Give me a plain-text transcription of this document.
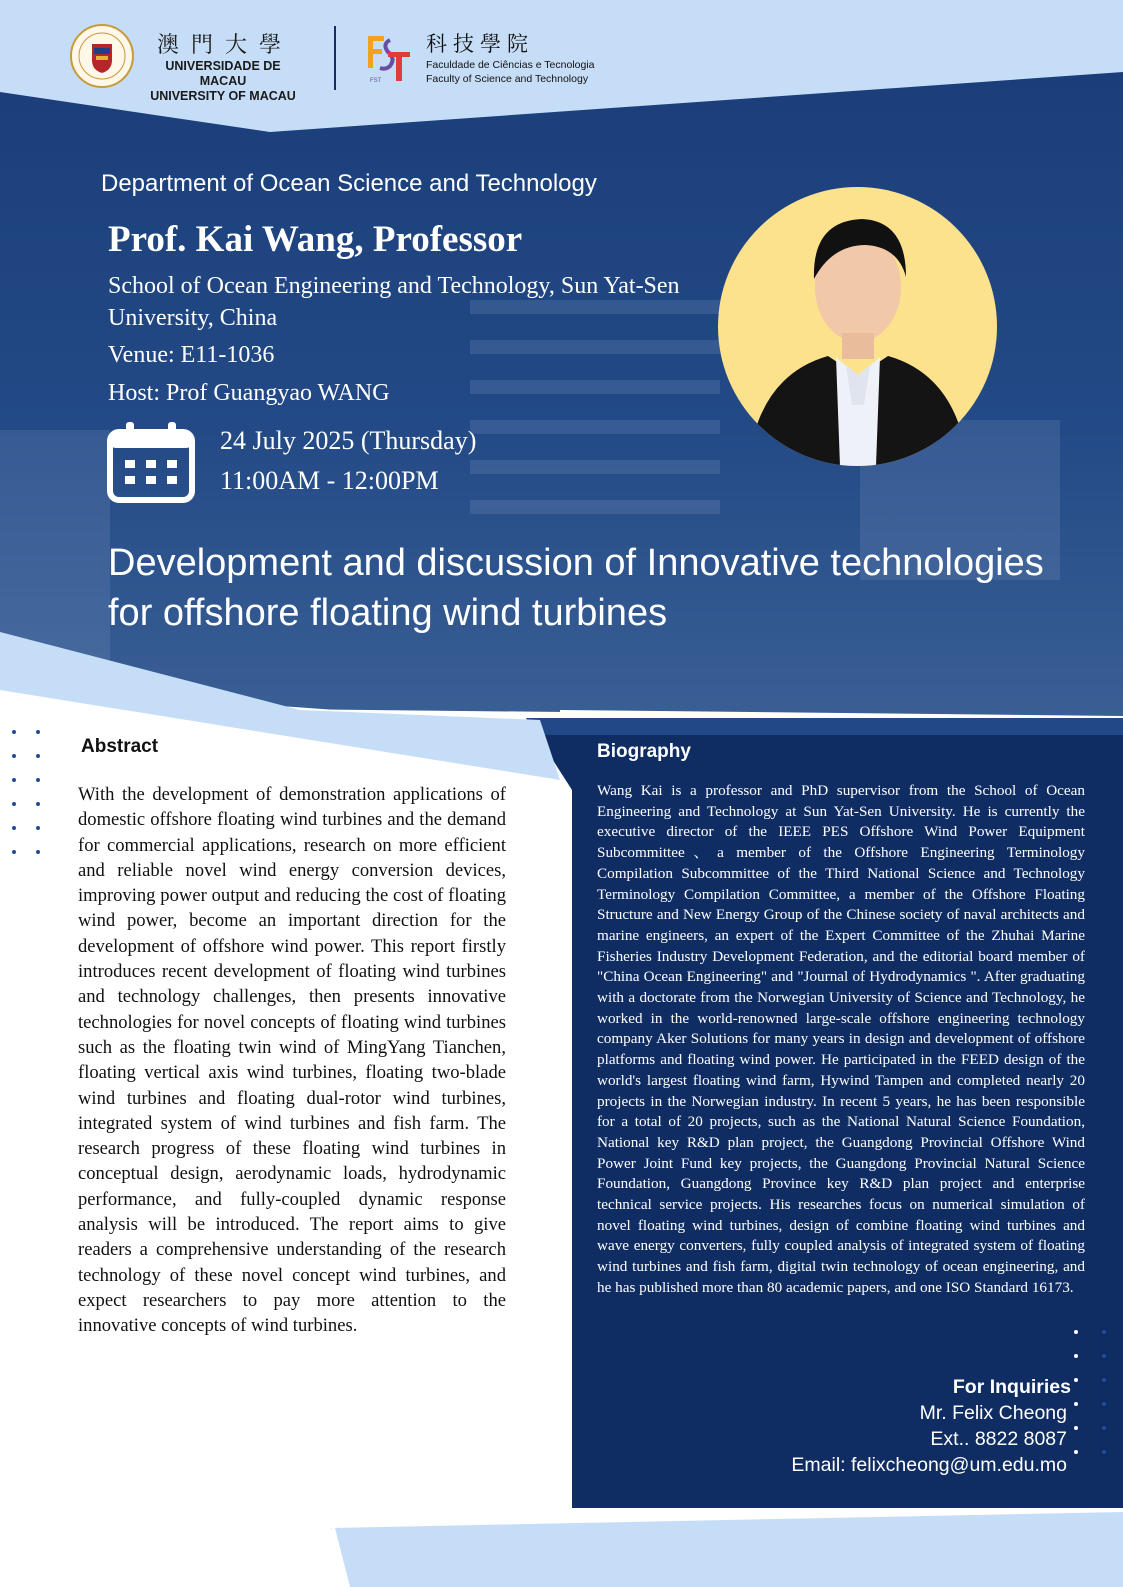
澳門大學
UNIVERSIDADE DE MACAU
UNIVERSITY OF MACAU
FST
科技學院
Faculdade de Ciências e Tecnologia
Faculty of Science and Technology
Department of Ocean Science and Technology
Prof. Kai Wang, Professor
School of Ocean Engineering and Technology, Sun Yat-Sen University, China
Venue: E11-1036
Host: Prof Guangyao WANG
24 July 2025 (Thursday)
11:00AM - 12:00PM
Development and discussion of Innovative technologies for offshore floating wind turbines
Abstract
With the development of demonstration applications of domestic offshore floating wind turbines and the demand for commercial applications, research on more efficient and reliable novel wind energy conversion devices, improving power output and reducing the cost of floating wind power, become an important direction for the development of offshore wind power. This report firstly introduces recent development of floating wind turbines and technology challenges, then presents innovative technologies for novel concepts of floating wind turbines such as the floating twin wind of MingYang Tianchen, floating vertical axis wind turbines, floating two-blade wind turbines and floating dual-rotor wind turbines, integrated system of wind turbines and fish farm. The research progress of these floating wind turbines in conceptual design, aerodynamic loads, hydrodynamic performance, and fully-coupled dynamic response analysis will be introduced. The report aims to give readers a comprehensive understanding of the research technology of these novel concept wind turbines, and expect researchers to pay more attention to the innovative concepts of wind turbines.
Biography
Wang Kai is a professor and PhD supervisor from the School of Ocean Engineering and Technology at Sun Yat-Sen University. He is currently the executive director of the IEEE PES Offshore Wind Power Equipment Subcommittee、a member of the Offshore Engineering Terminology Compilation Subcommittee of the Third National Science and Technology Terminology Compilation Committee, a member of the Offshore Floating Structure and New Energy Group of the Chinese society of naval architects and marine engineers, an expert of the Expert Committee of the Zhuhai Marine Fisheries Industry Development Federation, and the editorial board member of "China Ocean Engineering" and "Journal of Hydrodynamics ". After graduating with a doctorate from the Norwegian University of Science and Technology, he worked in the world-renowned large-scale offshore engineering technology company Aker Solutions for many years in design and development of offshore platforms and floating wind power. He participated in the FEED design of the world's largest floating wind farm, Hywind Tampen and completed nearly 20 projects in the Norwegian industry. In recent 5 years, he has been responsible for a total of 20 projects, such as the National Natural Science Foundation, National key R&D plan project, the Guangdong Provincial Offshore Wind Power Joint Fund key projects, the Guangdong Provincial Natural Science Foundation, Guangdong Province key R&D plan project and enterprise technical service projects. His researches focus on numerical simulation of novel floating wind turbines, design of combine floating wind turbines and wave energy converters, fully coupled analysis of integrated system of floating wind turbines and fish farm, digital twin technology of ocean engineering, and he has published more than 80 academic papers, and one ISO Standard 16173.
For Inquiries
Mr. Felix Cheong
Ext.. 8822 8087
Email: felixcheong@um.edu.mo
